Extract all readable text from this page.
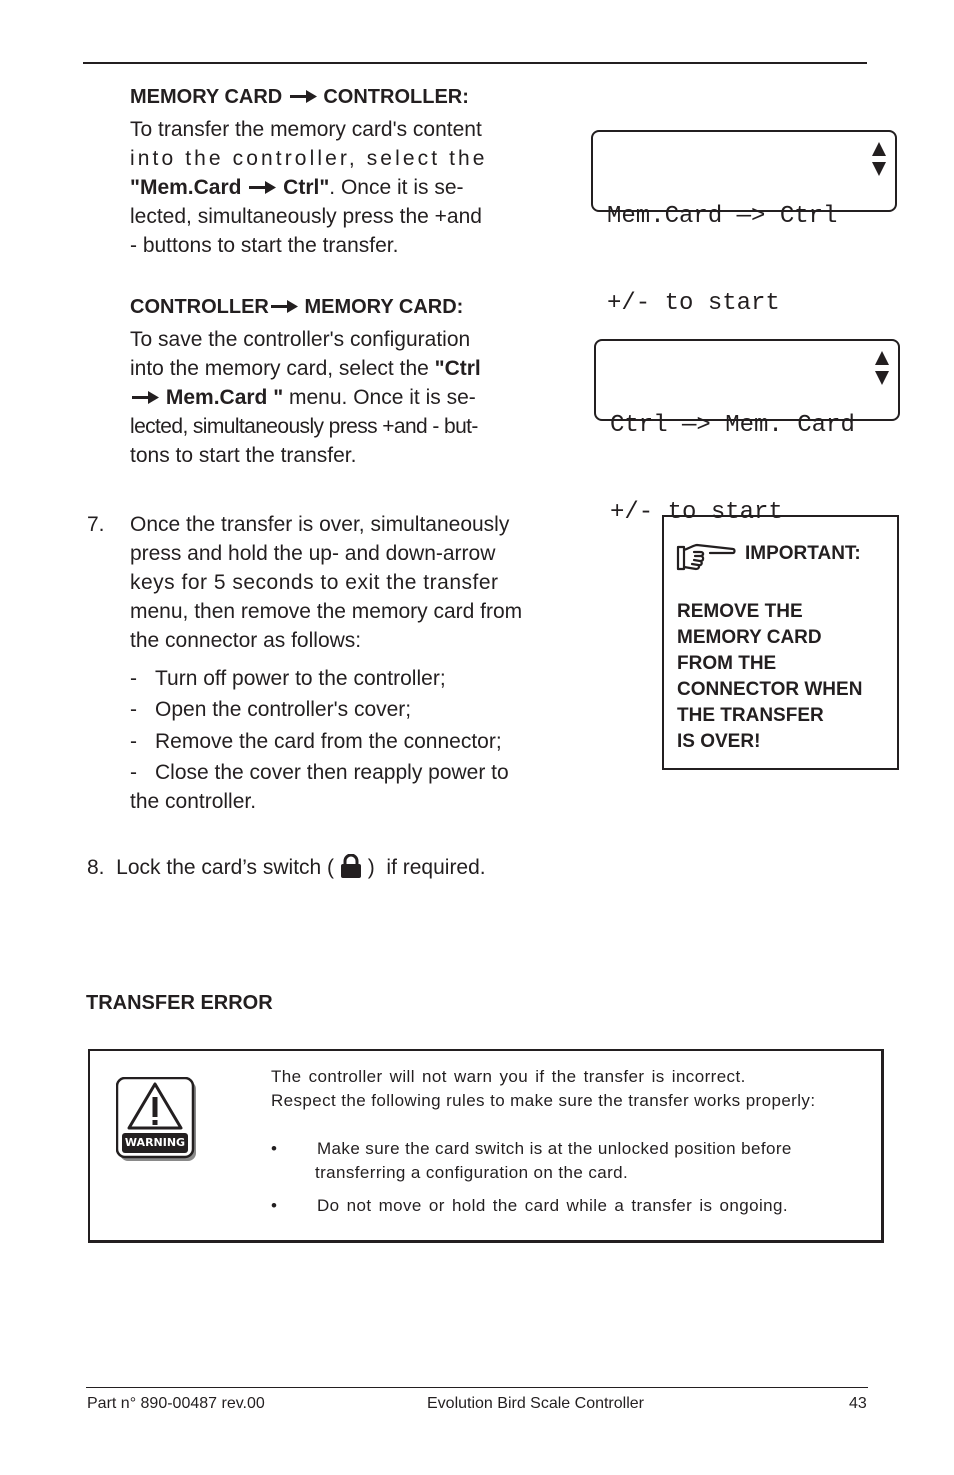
MEMORY CARD CONTROLLER:
To transfer the memory card's content
into the controller, select the
"Mem.Card Ctrl". Once it is se-
lected, simultaneously press the +and
- buttons to start the transfer.

Mem.Card —> Ctrl

+/- to start

CONTROLLER MEMORY CARD:
To save the controller's configuration
into the memory card, select the "Ctrl
Mem.Card " menu. Once it is se-
lected, simultaneously press +and - but-
tons to start the transfer.

Ctrl —> Mem. Card

+/- to start

7. Once the transfer is over, simultaneously
press and hold the up- and down-arrow
keys for 5 seconds to exit the transfer
menu, then remove the memory card from
the connector as follows:
- Turn off power to the controller;
- Open the controller's cover;
- Remove the card from the connector;
- Close the cover then reapply power to
the controller.
IMPORTANT:
REMOVE THE
MEMORY CARD
FROM THE
CONNECTOR WHEN
THE TRANSFER
IS OVER!
8.  Lock the card’s switch ( )  if required.
TRANSFER ERROR
WARNING
The controller will not warn you if the transfer is incorrect.
Respect the following rules to make sure the transfer works properly:
• Make sure the card switch is at the unlocked position before
transferring a configuration on the card.
• Do not move or hold the card while a transfer is ongoing.
Part n° 890-00487 rev.00	Evolution Bird Scale Controller	43
